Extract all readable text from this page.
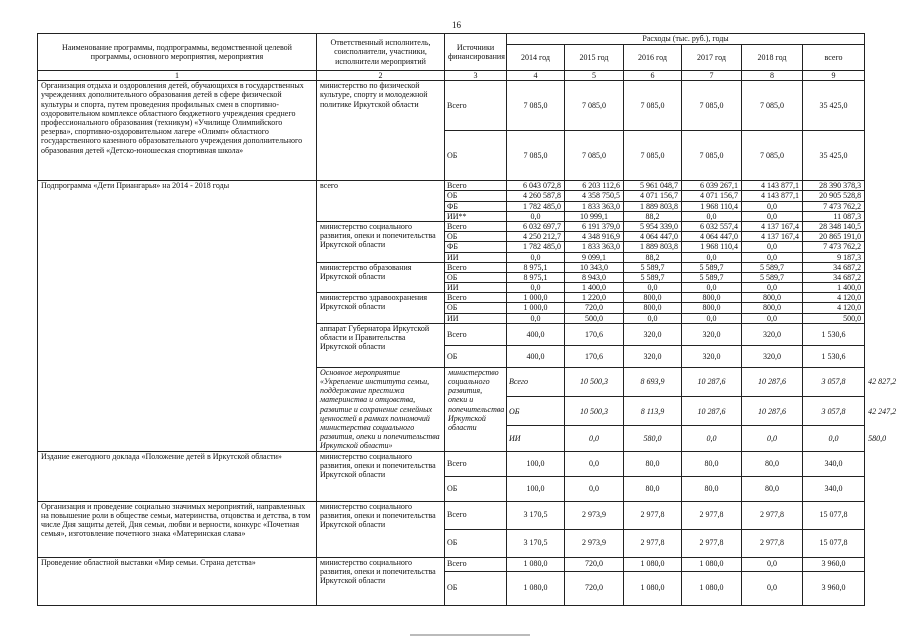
16
Наименование программы, подпрограммы, ведомственной целевой программы, основного мероприятия, мероприятия	Ответственный исполнитель, соисполнители, участники, исполнители мероприятий	Источники финансирования	Расходы (тыс. руб.), годы						
			2014 год	2015 год	2016 год	2017 год	2018 год	всего	
1	2	3	4	5	6	7	8	9	
Организация отдыха и оздоровления детей, обучающихся в государственных учреждениях дополнительного образования детей в сфере физической культуры и спорта, путем проведения профильных смен в спортивно-оздоровительном комплексе областного бюджетного учреждения среднего профессионального образования (техникум) «Училище Олимпийского резерва», спортивно-оздоровительном лагере «Олимп» областного государственного казенного образовательного учреждения дополнительного образования детей «Детско-юношеская спортивная школа»	министерство по физической культуре, спорту и молодежной политике Иркутской области	Всего	7 085,0	7 085,0	7 085,0	7 085,0	7 085,0	35 425,0	
		ОБ	7 085,0	7 085,0	7 085,0	7 085,0	7 085,0	35 425,0	
Подпрограмма «Дети Приангарья» на 2014 - 2018 годы	всего	Всего	6 043 072,8	6 203 112,6	5 961 048,7	6 039 267,1	4 143 877,1	28 390 378,3	
		ОБ	4 260 587,8	4 358 750,5	4 071 156,7	4 071 156,7	4 143 877,1	20 905 528,8	
		ФБ	1 782 485,0	1 833 363,0	1 889 803,8	1 968 110,4	0,0	7 473 762,2	
		ИИ**	0,0	10 999,1	88,2	0,0	0,0	11 087,3	
	министерство социального развития, опеки и попечительства Иркутской области	Всего	6 032 697,7	6 191 379,0	5 954 339,0	6 032 557,4	4 137 167,4	28 348 140,5	
		ОБ	4 250 212,7	4 348 916,9	4 064 447,0	4 064 447,0	4 137 167,4	20 865 191,0	
		ФБ	1 782 485,0	1 833 363,0	1 889 803,8	1 968 110,4	0,0	7 473 762,2	
		ИИ	0,0	9 099,1	88,2	0,0	0,0	9 187,3	
	министерство образования Иркутской области	Всего	8 975,1	10 343,0	5 589,7	5 589,7	5 589,7	34 687,2	
		ОБ	8 975,1	8 943,0	5 589,7	5 589,7	5 589,7	34 687,2	
		ИИ	0,0	1 400,0	0,0	0,0	0,0	1 400,0	
	министерство здравоохранения Иркутской области	Всего	1 000,0	1 220,0	800,0	800,0	800,0	4 120,0	
		ОБ	1 000,0	720,0	800,0	800,0	800,0	4 120,0	
		ИИ	0,0	500,0	0,0	0,0	0,0	500,0	
	аппарат Губернатора Иркутской области и Правительства Иркутской области	Всего	400,0	170,6	320,0	320,0	320,0	1 530,6	
		ОБ	400,0	170,6	320,0	320,0	320,0	1 530,6	
	Основное мероприятие «Укрепление института семьи, поддержание престижа материнства и отцовства, развитие и сохранение семейных ценностей в рамках полномочий министерства социального развития, опеки и попечительства Иркутской области»	министерство социального развития, опеки и попечительства Иркутской области	Всего	10 500,3	8 693,9	10 287,6	10 287,6	3 057,8	42 827,2
			ОБ	10 500,3	8 113,9	10 287,6	10 287,6	3 057,8	42 247,2
			ИИ	0,0	580,0	0,0	0,0	0,0	580,0
Издание ежегодного доклада «Положение детей в Иркутской области»	министерство социального развития, опеки и попечительства Иркутской области	Всего	100,0	0,0	80,0	80,0	80,0	340,0	
		ОБ	100,0	0,0	80,0	80,0	80,0	340,0	
Организация и проведение социально значимых мероприятий, направленных на повышение роли в обществе семьи, материнства, отцовства и детства, в том числе Дня защиты детей, Дня семьи, любви и верности, конкурс «Почетная семья», изготовление почетного знака «Материнская слава»	министерство социального развития, опеки и попечительства Иркутской области	Всего	3 170,5	2 973,9	2 977,8	2 977,8	2 977,8	15 077,8	
		ОБ	3 170,5	2 973,9	2 977,8	2 977,8	2 977,8	15 077,8	
Проведение областной выставки «Мир семьи. Страна детства»	министерство социального развития, опеки и попечительства Иркутской области	Всего	1 080,0	720,0	1 080,0	1 080,0	0,0	3 960,0	
		ОБ	1 080,0	720,0	1 080,0	1 080,0	0,0	3 960,0	
